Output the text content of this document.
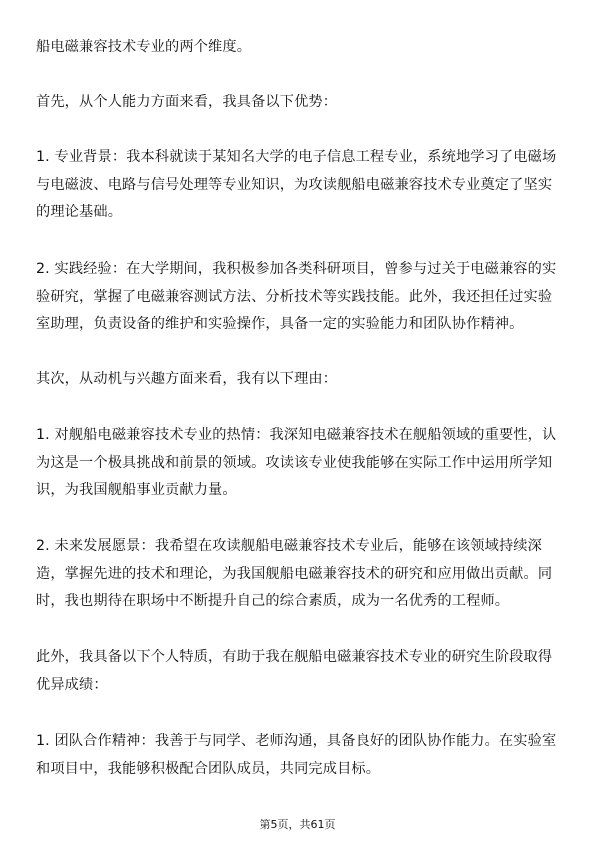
船电磁兼容技术专业的两个维度。

首先，从个人能力方面来看，我具备以下优势：

1. 专业背景：我本科就读于某知名大学的电子信息工程专业，系统地学习了电磁场
与电磁波、电路与信号处理等专业知识，为攻读舰船电磁兼容技术专业奠定了坚实
的理论基础。

2. 实践经验：在大学期间，我积极参加各类科研项目，曾参与过关于电磁兼容的实
验研究，掌握了电磁兼容测试方法、分析技术等实践技能。此外，我还担任过实验
室助理，负责设备的维护和实验操作，具备一定的实验能力和团队协作精神。

其次，从动机与兴趣方面来看，我有以下理由：

1. 对舰船电磁兼容技术专业的热情：我深知电磁兼容技术在舰船领域的重要性，认
为这是一个极具挑战和前景的领域。攻读该专业使我能够在实际工作中运用所学知
识，为我国舰船事业贡献力量。

2. 未来发展愿景：我希望在攻读舰船电磁兼容技术专业后，能够在该领域持续深
造，掌握先进的技术和理论，为我国舰船电磁兼容技术的研究和应用做出贡献。同
时，我也期待在职场中不断提升自己的综合素质，成为一名优秀的工程师。

此外，我具备以下个人特质，有助于我在舰船电磁兼容技术专业的研究生阶段取得
优异成绩：

1. 团队合作精神：我善于与同学、老师沟通，具备良好的团队协作能力。在实验室
和项目中，我能够积极配合团队成员，共同完成目标。

第5页，共61页
